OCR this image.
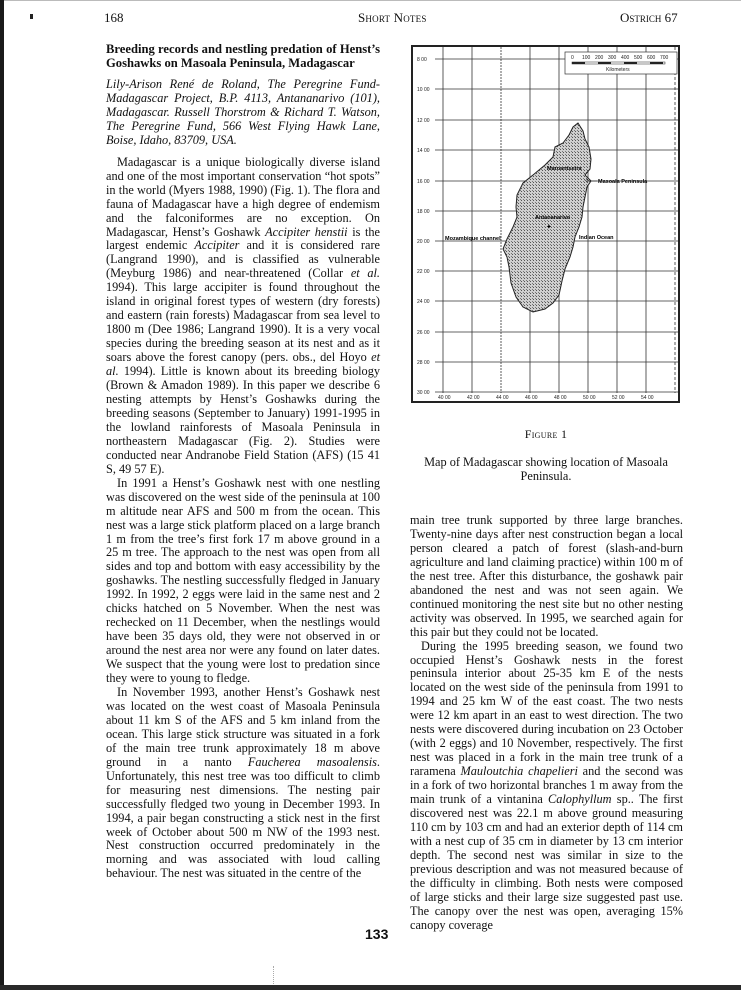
168	Short Notes	Ostrich 67
Breeding records and nestling predation of Henst’s Goshawks on Masoala Peninsula, Madagascar
Lily-Arison René de Roland, The Peregrine Fund-Madagascar Project, B.P. 4113, Antananarivo (101), Madagascar. Russell Thorstrom & Richard T. Watson, The Peregrine Fund, 566 West Flying Hawk Lane, Boise, Idaho, 83709, USA.

Madagascar is a unique biologically diverse island and one of the most important conservation “hot spots” in the world (Myers 1988, 1990) (Fig. 1). The flora and fauna of Madagascar have a high degree of endemism and the falconiformes are no exception. On Madagascar, Henst’s Goshawk Accipiter henstii is the largest endemic Accipiter and it is considered rare (Langrand 1990), and is classified as vulnerable (Meyburg 1986) and near-threatened (Collar et al. 1994). This large accipiter is found throughout the island in original forest types of western (dry forests) and eastern (rain forests) Madagascar from sea level to 1800 m (Dee 1986; Langrand 1990). It is a very vocal species during the breeding season at its nest and as it soars above the forest canopy (pers. obs., del Hoyo et al. 1994). Little is known about its breeding biology (Brown & Amadon 1989). In this paper we describe 6 nesting attempts by Henst’s Goshawks during the breeding seasons (September to January) 1991-1995 in the lowland rainforests of Masoala Peninsula in northeastern Madagascar (Fig. 2). Studies were conducted near Andranobe Field Station (AFS) (15 41 S, 49 57 E).

In 1991 a Henst’s Goshawk nest with one nestling was discovered on the west side of the peninsula at 100 m altitude near AFS and 500 m from the ocean. This nest was a large stick platform placed on a large branch 1 m from the tree’s first fork 17 m above ground in a 25 m tree. The approach to the nest was open from all sides and top and bottom with easy accessibility by the goshawks. The nestling successfully fledged in January 1992. In 1992, 2 eggs were laid in the same nest and 2 chicks hatched on 5 November. When the nest was rechecked on 11 December, when the nestlings would have been 35 days old, they were not observed in or around the nest area nor were any found on later dates. We suspect that the young were lost to predation since they were to young to fledge.

In November 1993, another Henst’s Goshawk nest was located on the west coast of Masoala Peninsula about 11 km S of the AFS and 5 km inland from the ocean. This large stick structure was situated in a fork of the main tree trunk approximately 18 m above ground in a nanto Faucherea masoalensis. Unfortunately, this nest tree was too difficult to climb for measuring nest dimensions. The nesting pair successfully fledged two young in December 1993. In 1994, a pair began constructing a stick nest in the first week of October about 500 m NW of the 1993 nest. Nest construction occurred predominately in the morning and was associated with loud calling behaviour. The nest was situated in the centre of the

Maroantsetra
Masoala Peninsula
✧
Antananarivo
✦
Mozambique channel	Indian Ocean
8 00
10 00
12 00
14 00
16 00
18 00
20 00
22 00
24 00
26 00
28 00
30 00
40 00	42 00	44 00	46 00	48 00	50 00	52 00	54 00
0 100 200 300 400 500 600 700
Kilometers
Figure 1
Map of Madagascar showing location of Masoala Peninsula.

main tree trunk supported by three large branches. Twenty-nine days after nest construction began a local person cleared a patch of forest (slash-and-burn agriculture and land claiming practice) within 100 m of the nest tree. After this disturbance, the goshawk pair abandoned the nest and was not seen again. We continued monitoring the nest site but no other nesting activity was observed. In 1995, we searched again for this pair but they could not be located.

During the 1995 breeding season, we found two occupied Henst’s Goshawk nests in the forest peninsula interior about 25-35 km E of the nests located on the west side of the peninsula from 1991 to 1994 and 25 km W of the east coast. The two nests were 12 km apart in an east to west direction. The two nests were discovered during incubation on 23 October (with 2 eggs) and 10 November, respectively. The first nest was placed in a fork in the main tree trunk of a raramena Mauloutchia chapelieri and the second was in a fork of two horizontal branches 1 m away from the main trunk of a vintanina Calophyllum sp.. The first discovered nest was 22.1 m above ground measuring 110 cm by 103 cm and had an exterior depth of 114 cm with a nest cup of 35 cm in diameter by 13 cm interior depth. The second nest was similar in size to the previous description and was not measured because of the difficulty in climbing. Both nests were composed of large sticks and their large size suggested past use. The canopy over the nest was open, averaging 15% canopy coverage

133
